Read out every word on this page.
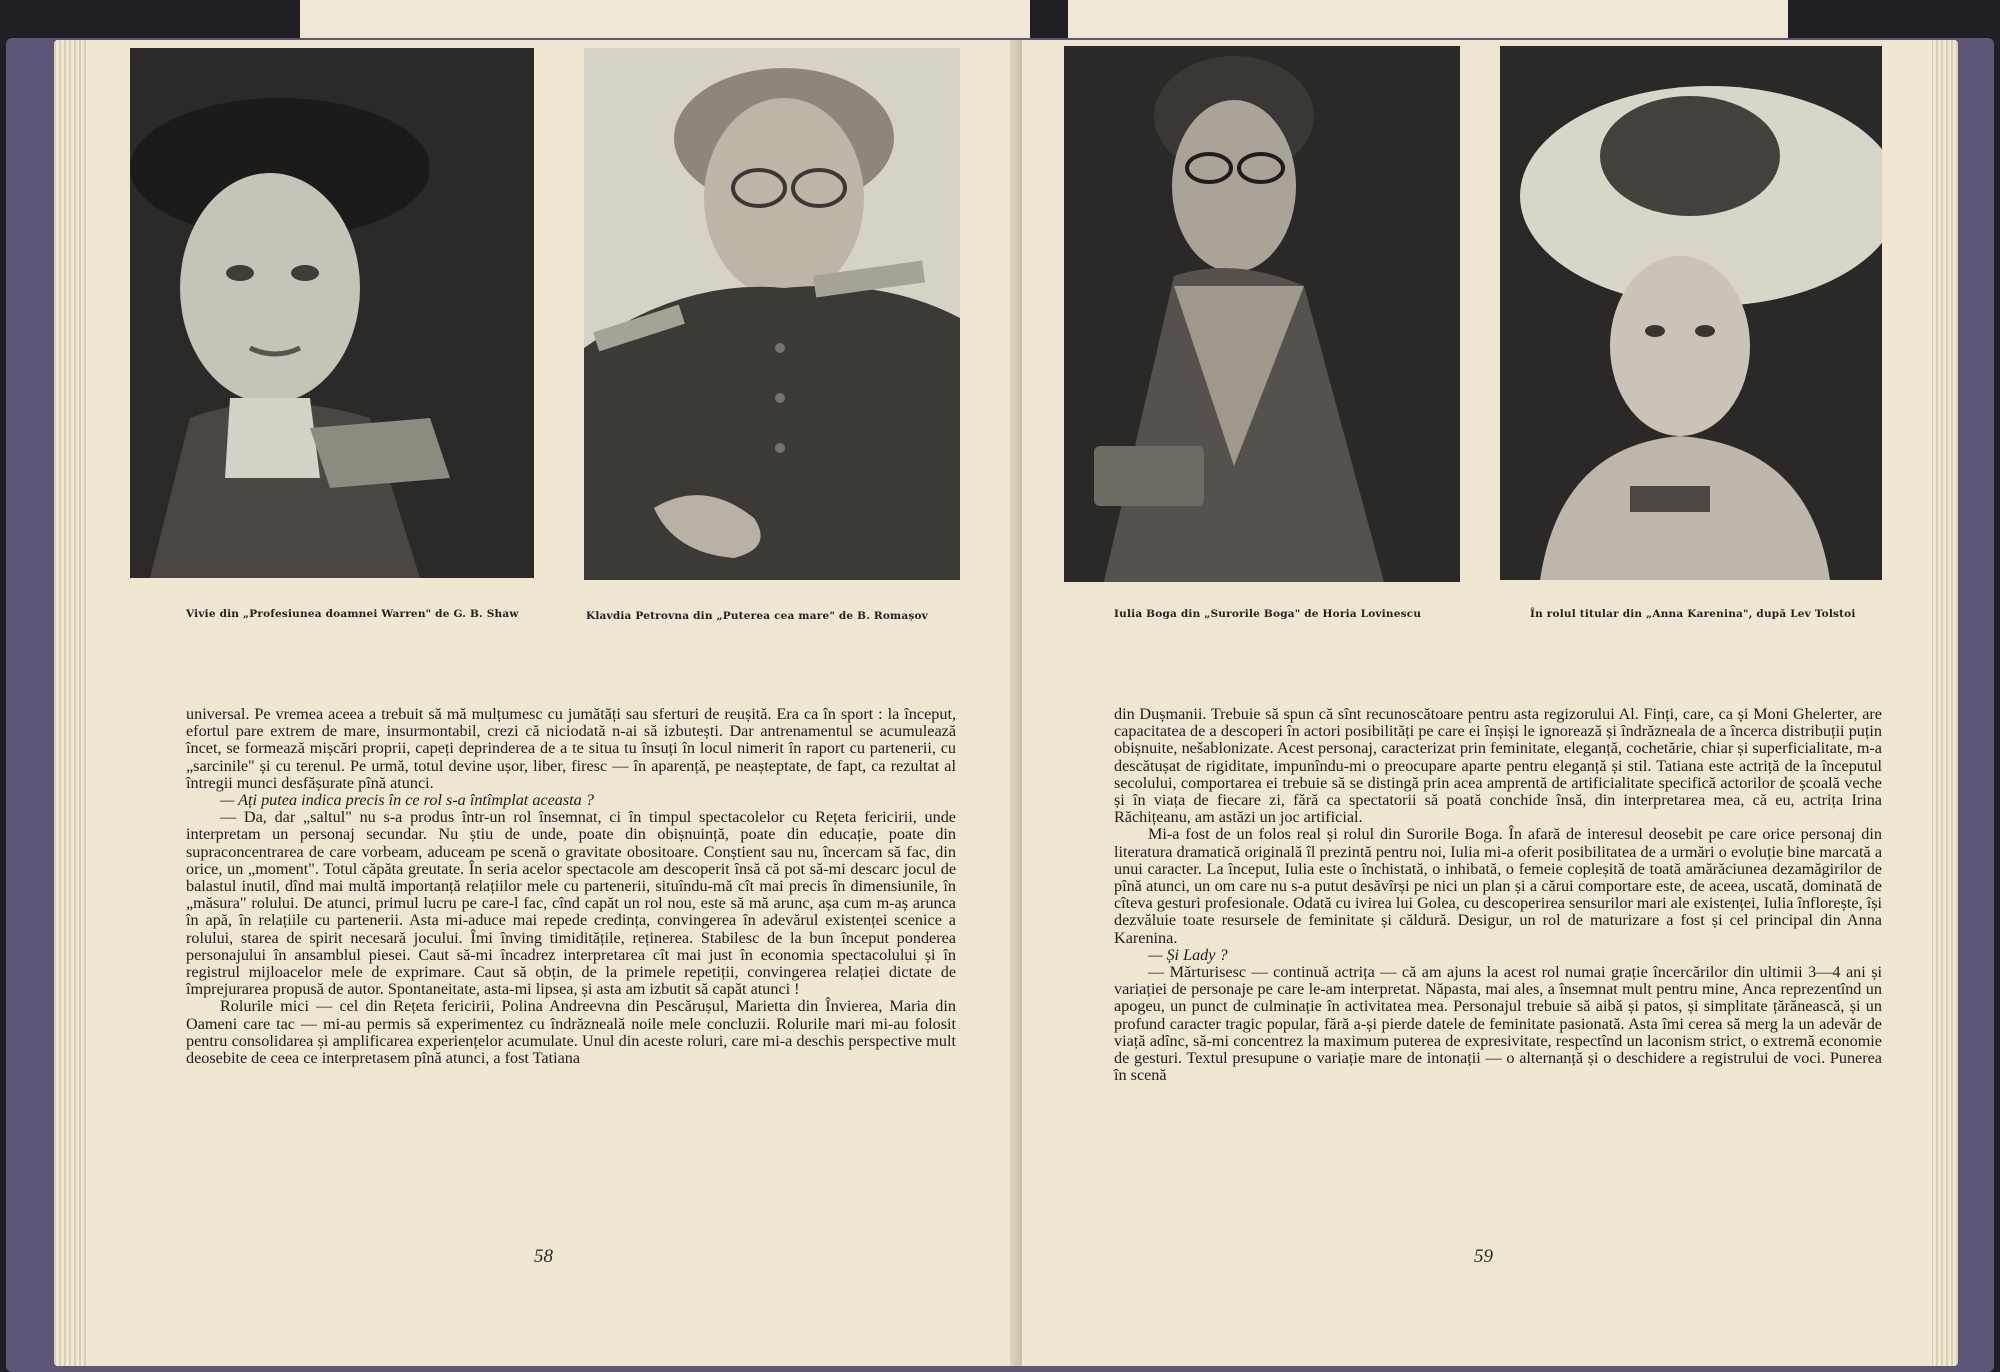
Vivie din „Profesiunea doamnei Warren" de G. B. Shaw	Klavdia Petrovna din „Puterea cea mare" de B. Romașov

universal. Pe vremea aceea a trebuit să mă mulțumesc cu jumătăți sau sferturi de reușită. Era ca în sport : la început, efortul pare extrem de mare, insurmontabil, crezi că niciodată n-ai să izbutești. Dar antrenamentul se acumulează încet, se formează mișcări proprii, capeți deprinderea de a te situa tu însuți în locul nimerit în raport cu partenerii, cu „sarcinile" și cu terenul. Pe urmă, totul devine ușor, liber, firesc — în aparență, pe neașteptate, de fapt, ca rezultat al întregii munci desfășurate pînă atunci.

— Ați putea indica precis în ce rol s-a întîmplat aceasta ?

— Da, dar „saltul" nu s-a produs într-un rol însemnat, ci în timpul spectacolelor cu Rețeta fericirii, unde interpretam un personaj secundar. Nu știu de unde, poate din obișnuință, poate din educație, poate din supraconcentrarea de care vorbeam, aduceam pe scenă o gravitate obositoare. Conștient sau nu, încercam să fac, din orice, un „moment". Totul căpăta greutate. În seria acelor spectacole am descoperit însă că pot să-mi descarc jocul de balastul inutil, dînd mai multă importanță relațiilor mele cu partenerii, situîndu-mă cît mai precis în dimensiunile, în „măsura" rolului. De atunci, primul lucru pe care-l fac, cînd capăt un rol nou, este să mă arunc, așa cum m-aș arunca în apă, în relațiile cu partenerii. Asta mi-aduce mai repede credința, convingerea în adevărul existenței scenice a rolului, starea de spirit necesară jocului. Îmi înving timiditățile, reținerea. Stabilesc de la bun început ponderea personajului în ansamblul piesei. Caut să-mi încadrez interpretarea cît mai just în economia spectacolului și în registrul mijloacelor mele de exprimare. Caut să obțin, de la primele repetiții, convingerea relației dictate de împrejurarea propusă de autor. Spontaneitate, asta-mi lipsea, și asta am izbutit să capăt atunci !

Rolurile mici — cel din Rețeta fericirii, Polina Andreevna din Pescărușul, Marietta din Învierea, Maria din Oameni care tac — mi-au permis să experimentez cu îndrăzneală noile mele concluzii. Rolurile mari mi-au folosit pentru consolidarea și amplificarea experiențelor acumulate. Unul din aceste roluri, care mi-a deschis perspective mult deosebite de ceea ce interpretasem pînă atunci, a fost Tatiana

58
Iulia Boga din „Surorile Boga" de Horia Lovinescu	În rolul titular din „Anna Karenina", după Lev Tolstoi

din Dușmanii. Trebuie să spun că sînt recunoscătoare pentru asta regizorului Al. Finți, care, ca și Moni Ghelerter, are capacitatea de a descoperi în actori posibilități pe care ei înșiși le ignorează și îndrăzneala de a încerca distribuții puțin obișnuite, nešablonizate. Acest personaj, caracterizat prin feminitate, eleganță, cochetărie, chiar și superficialitate, m-a descătușat de rigiditate, impunîndu-mi o preocupare aparte pentru eleganță și stil. Tatiana este actriță de la începutul secolului, comportarea ei trebuie să se distingă prin acea amprentă de artificialitate specifică actorilor de școală veche și în viața de fiecare zi, fără ca spectatorii să poată conchide însă, din interpretarea mea, că eu, actrița Irina Răchițeanu, am astăzi un joc artificial.

Mi-a fost de un folos real și rolul din Surorile Boga. În afară de interesul deosebit pe care orice personaj din literatura dramatică originală îl prezintă pentru noi, Iulia mi-a oferit posibilitatea de a urmări o evoluție bine marcată a unui caracter. La început, Iulia este o închistată, o inhibată, o femeie copleșită de toată amărăciunea dezamăgirilor de pînă atunci, un om care nu s-a putut desăvîrși pe nici un plan și a cărui comportare este, de aceea, uscată, dominată de cîteva gesturi profesionale. Odată cu ivirea lui Golea, cu descoperirea sensurilor mari ale existenței, Iulia înflorește, își dezvăluie toate resursele de feminitate și căldură. Desigur, un rol de maturizare a fost și cel principal din Anna Karenina.

— Și Lady ?

— Mărturisesc — continuă actrița — că am ajuns la acest rol numai grație încercărilor din ultimii 3—4 ani și variației de personaje pe care le-am interpretat. Năpasta, mai ales, a însemnat mult pentru mine, Anca reprezentînd un apogeu, un punct de culminație în activitatea mea. Personajul trebuie să aibă și patos, și simplitate țărănească, și un profund caracter tragic popular, fără a-și pierde datele de feminitate pasionată. Asta îmi cerea să merg la un adevăr de viață adînc, să-mi concentrez la maximum puterea de expresivitate, respectînd un laconism strict, o extremă economie de gesturi. Textul presupune o variație mare de intonații — o alternanță și o deschidere a registrului de voci. Punerea în scenă

59
